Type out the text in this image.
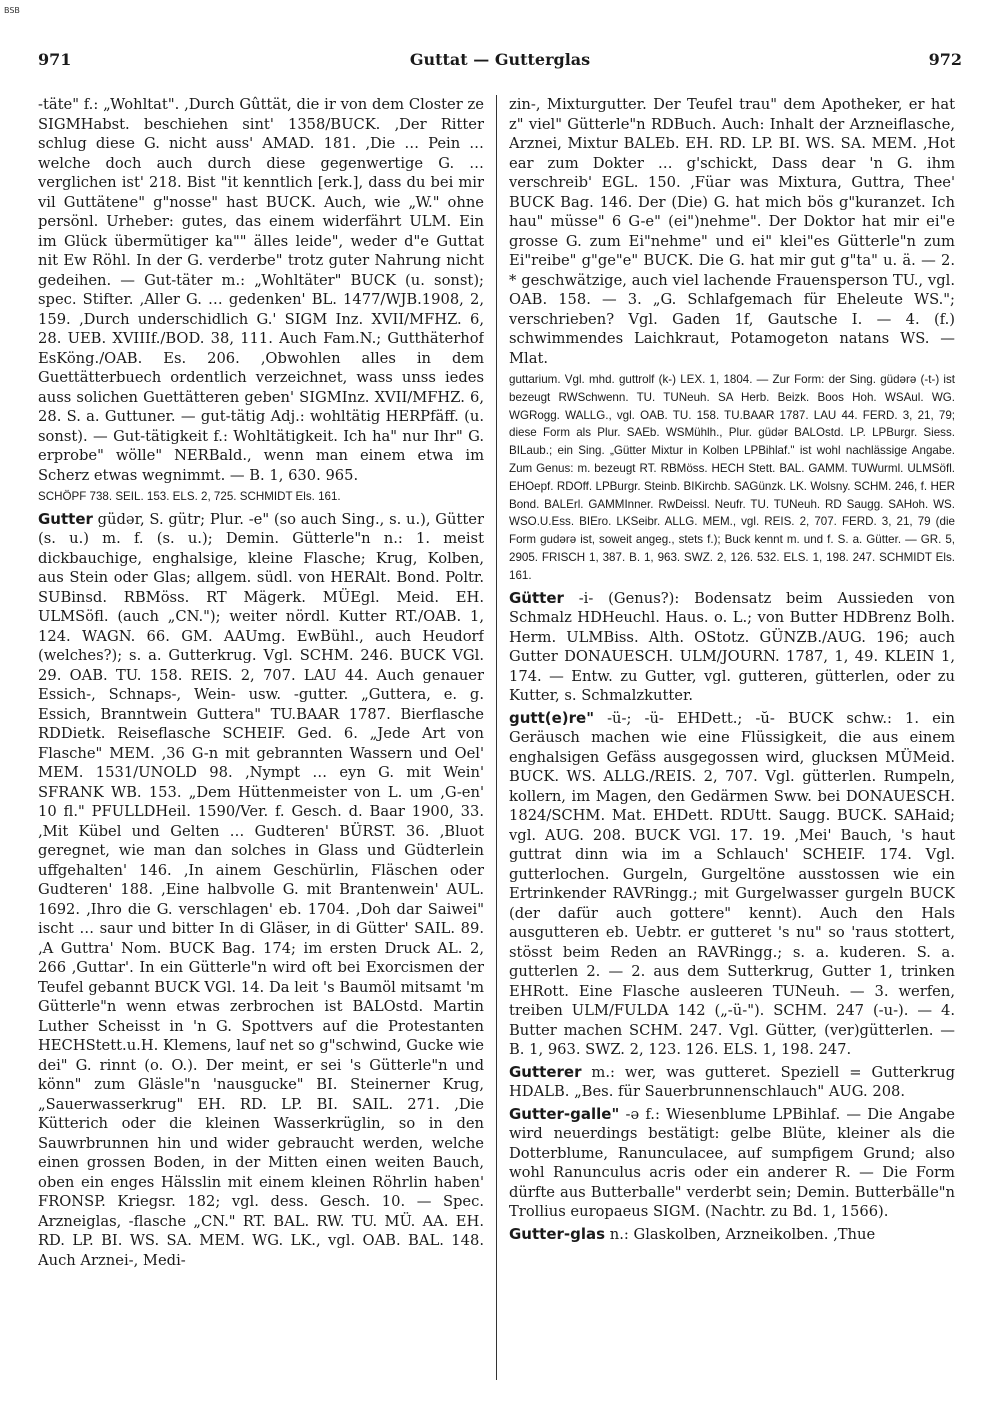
BSB
971	Guttat — Gutterglas	972

-täte" f.: „Wohltat". ‚Durch Gûttät, die ir von dem Closter ze SIGMHabst. beschiehen sint' 1358/BUCK. ‚Der Ritter schlug diese G. nicht auss' AMAD. 181. ‚Die … Pein … welche doch auch durch diese gegenwertige G. … verglichen ist' 218. Bist "it kenntlich [erk.], dass du bei mir vil Guttätene" g"nosse" hast BUCK. Auch, wie „W." ohne persönl. Urheber: gutes, das einem widerfährt ULM. Ein im Glück übermütiger ka"" älles leide", weder d"e Guttat nit Ew Röhl. In der G. verderbe" trotz guter Nahrung nicht gedeihen. — Gut-täter m.: „Wohltäter" BUCK (u. sonst); spec. Stifter. ‚Aller G. … gedenken' BL. 1477/WJB.1908, 2, 159. ‚Durch underschidlich G.' SIGM Inz. XVII/MFHZ. 6, 28. UEB. XVIIIf./BOD. 38, 111. Auch Fam.N.; Gutthäterhof EsKöng./OAB. Es. 206. ‚Obwohlen alles in dem Guettätterbuech ordentlich verzeichnet, wass unss iedes auss solichen Guettätteren geben' SIGMInz. XVII/MFHZ. 6, 28. S. a. Guttuner. — gut-tätig Adj.: wohltätig HERPfäff. (u. sonst). — Gut-tätigkeit f.: Wohltätigkeit. Ich ha" nur Ihr" G. erprobe" wölle" NERBald., wenn man einem etwa im Scherz etwas wegnimmt. — B. 1, 630. 965.

SCHÖPF 738. SEIL. 153. ELS. 2, 725. SCHMIDT Els. 161.

Gutter güdər, S. gütr; Plur. -e" (so auch Sing., s. u.), Gütter (s. u.) m. f. (s. u.); Demin. Gütterle"n n.: 1. meist dickbauchige, enghalsige, kleine Flasche; Krug, Kolben, aus Stein oder Glas; allgem. südl. von HERAlt. Bond. Poltr. SUBinsd. RBMöss. RT Mägerk. MÜEgl. Meid. EH. ULMSöfl. (auch „CN."); weiter nördl. Kutter RT./OAB. 1, 124. WAGN. 66. GM. AAUmg. EwBühl., auch Heudorf (welches?); s. a. Gutterkrug. Vgl. SCHM. 246. BUCK VGl. 29. OAB. TU. 158. REIS. 2, 707. LAU 44. Auch genauer Essich-, Schnaps-, Wein- usw. -gutter. „Guttera, e. g. Essich, Branntwein Guttera" TU.BAAR 1787. Bierflasche RDDietk. Reiseflasche SCHEIF. Ged. 6. „Jede Art von Flasche" MEM. ‚36 G-n mit gebrannten Wassern und Oel' MEM. 1531/UNOLD 98. ‚Nympt … eyn G. mit Wein' SFRANK WB. 153. „Dem Hüttenmeister von L. um ‚G-en' 10 fl." PFULLDHeil. 1590/Ver. f. Gesch. d. Baar 1900, 33. ‚Mit Kübel und Gelten … Gudteren' BÜRST. 36. ‚Bluot geregnet, wie man dan solches in Glass und Güdterlein uffgehalten' 146. ‚In ainem Geschürlin, Fläschen oder Gudteren' 188. ‚Eine halbvolle G. mit Brantenwein' AUL. 1692. ‚Ihro die G. verschlagen' eb. 1704. ‚Doh dar Saiwei" ischt … saur und bitter In di Gläser, in di Gütter' SAIL. 89. ‚A Guttra' Nom. BUCK Bag. 174; im ersten Druck AL. 2, 266 ‚Guttar'. In ein Gütterle"n wird oft bei Exorcismen der Teufel gebannt BUCK VGl. 14. Da leit 's Baumöl mitsamt 'm Gütterle"n wenn etwas zerbrochen ist BALOstd. Martin Luther Scheisst in 'n G. Spottvers auf die Protestanten HECHStett.u.H. Klemens, lauf net so g"schwind, Gucke wie dei" G. rinnt (o. O.). Der meint, er sei 's Gütterle"n und könn" zum Gläsle"n 'nausgucke" BI. Steinerner Krug, „Sauerwasserkrug" EH. RD. LP. BI. SAIL. 271. ‚Die Kütterich oder die kleinen Wasserkrüglin, so in den Sauwrbrunnen hin und wider gebraucht werden, welche einen grossen Boden, in der Mitten einen weiten Bauch, oben ein enges Hälsslin mit einem kleinen Röhrlin haben' FRONSP. Kriegsr. 182; vgl. dess. Gesch. 10. — Spec. Arzneiglas, -flasche „CN." RT. BAL. RW. TU. MÜ. AA. EH. RD. LP. BI. WS. SA. MEM. WG. LK., vgl. OAB. BAL. 148. Auch Arznei-, Medi-

zin-, Mixturgutter. Der Teufel trau" dem Apotheker, er hat z" viel" Gütterle"n RDBuch. Auch: Inhalt der Arzneiflasche, Arznei, Mixtur BALEb. EH. RD. LP. BI. WS. SA. MEM. ‚Hot ear zum Dokter … g'schickt, Dass dear 'n G. ihm verschreib' EGL. 150. ‚Füar was Mixtura, Guttra, Thee' BUCK Bag. 146. Der (Die) G. hat mich bös g"kuranzet. Ich hau" müsse" 6 G-e" (ei")nehme". Der Doktor hat mir ei"e grosse G. zum Ei"nehme" und ei" klei"es Gütterle"n zum Ei"reibe" g"ge"e" BUCK. Die G. hat mir gut g"ta" u. ä. — 2. * geschwätzige, auch viel lachende Frauensperson TU., vgl. OAB. 158. — 3. „G. Schlafgemach für Eheleute WS."; verschrieben? Vgl. Gaden 1f, Gautsche I. — 4. (f.) schwimmendes Laichkraut, Potamogeton natans WS. — Mlat.

guttarium. Vgl. mhd. guttrolf (k-) LEX. 1, 1804. — Zur Form: der Sing. güdərə (-t-) ist bezeugt RWSchwenn. TU. TUNeuh. SA Herb. Beizk. Boos Hoh. WSAul. WG. WGRogg. WALLG., vgl. OAB. TU. 158. TU.BAAR 1787. LAU 44. FERD. 3, 21, 79; diese Form als Plur. SAEb. WSMühlh., Plur. güdər BALOstd. LP. LPBurgr. Siess. BILaub.; ein Sing. „Gütter Mixtur in Kolben LPBihlaf." ist wohl nachlässige Angabe. Zum Genus: m. bezeugt RT. RBMöss. HECH Stett. BAL. GAMM. TUWurml. ULMSöfl. EHOepf. RDOff. LPBurgr. Steinb. BIKirchb. SAGünzk. LK. Wolsny. SCHM. 246, f. HER Bond. BALErl. GAMMInner. RwDeissl. Neufr. TU. TUNeuh. RD Saugg. SAHoh. WS. WSO.U.Ess. BIEro. LKSeibr. ALLG. MEM., vgl. REIS. 2, 707. FERD. 3, 21, 79 (die Form gudərə ist, soweit angeg., stets f.); Buck kennt m. und f. S. a. Gütter. — GR. 5, 2905. FRISCH 1, 387. B. 1, 963. SWZ. 2, 126. 532. ELS. 1, 198. 247. SCHMIDT Els. 161.

Gütter -i- (Genus?): Bodensatz beim Aussieden von Schmalz HDHeuchl. Haus. o. L.; von Butter HDBrenz Bolh. Herm. ULMBiss. Alth. OStotz. GÜNZB./AUG. 196; auch Gutter DONAUESCH. ULM/JOURN. 1787, 1, 49. KLEIN 1, 174. — Entw. zu Gutter, vgl. gutteren, gütterlen, oder zu Kutter, s. Schmalzkutter.

gutt(e)re" -ü-; -ü- EHDett.; -ŭ- BUCK schw.: 1. ein Geräusch machen wie eine Flüssigkeit, die aus einem enghalsigen Gefäss ausgegossen wird, glucksen MÜMeid. BUCK. WS. ALLG./REIS. 2, 707. Vgl. gütterlen. Rumpeln, kollern, im Magen, den Gedärmen Sww. bei DONAUESCH. 1824/SCHM. Mat. EHDett. RDUtt. Saugg. BUCK. SAHaid; vgl. AUG. 208. BUCK VGl. 17. 19. ‚Mei' Bauch, 's haut guttrat dinn wia im a Schlauch' SCHEIF. 174. Vgl. gutterlochen. Gurgeln, Gurgeltöne ausstossen wie ein Ertrinkender RAVRingg.; mit Gurgelwasser gurgeln BUCK (der dafür auch gottere" kennt). Auch den Hals ausgutteren eb. Uebtr. er gutteret 's nu" so 'raus stottert, stösst beim Reden an RAVRingg.; s. a. kuderen. S. a. gutterlen 2. — 2. aus dem Sutterkrug, Gutter 1, trinken EHRott. Eine Flasche ausleeren TUNeuh. — 3. werfen, treiben ULM/FULDA 142 („-ü-"). SCHM. 247 (-u-). — 4. Butter machen SCHM. 247. Vgl. Gütter, (ver)gütterlen. — B. 1, 963. SWZ. 2, 123. 126. ELS. 1, 198. 247.

Gutterer m.: wer, was gutteret. Speziell = Gutterkrug HDALB. „Bes. für Sauerbrunnenschlauch" AUG. 208.

Gutter-galle" -ə f.: Wiesenblume LPBihlaf. — Die Angabe wird neuerdings bestätigt: gelbe Blüte, kleiner als die Dotterblume, Ranunculacee, auf sumpfigem Grund; also wohl Ranunculus acris oder ein anderer R. — Die Form dürfte aus Butterballe" verderbt sein; Demin. Butterbälle"n Trollius europaeus SIGM. (Nachtr. zu Bd. 1, 1566).

Gutter-glas n.: Glaskolben, Arzneikolben. ‚Thue
